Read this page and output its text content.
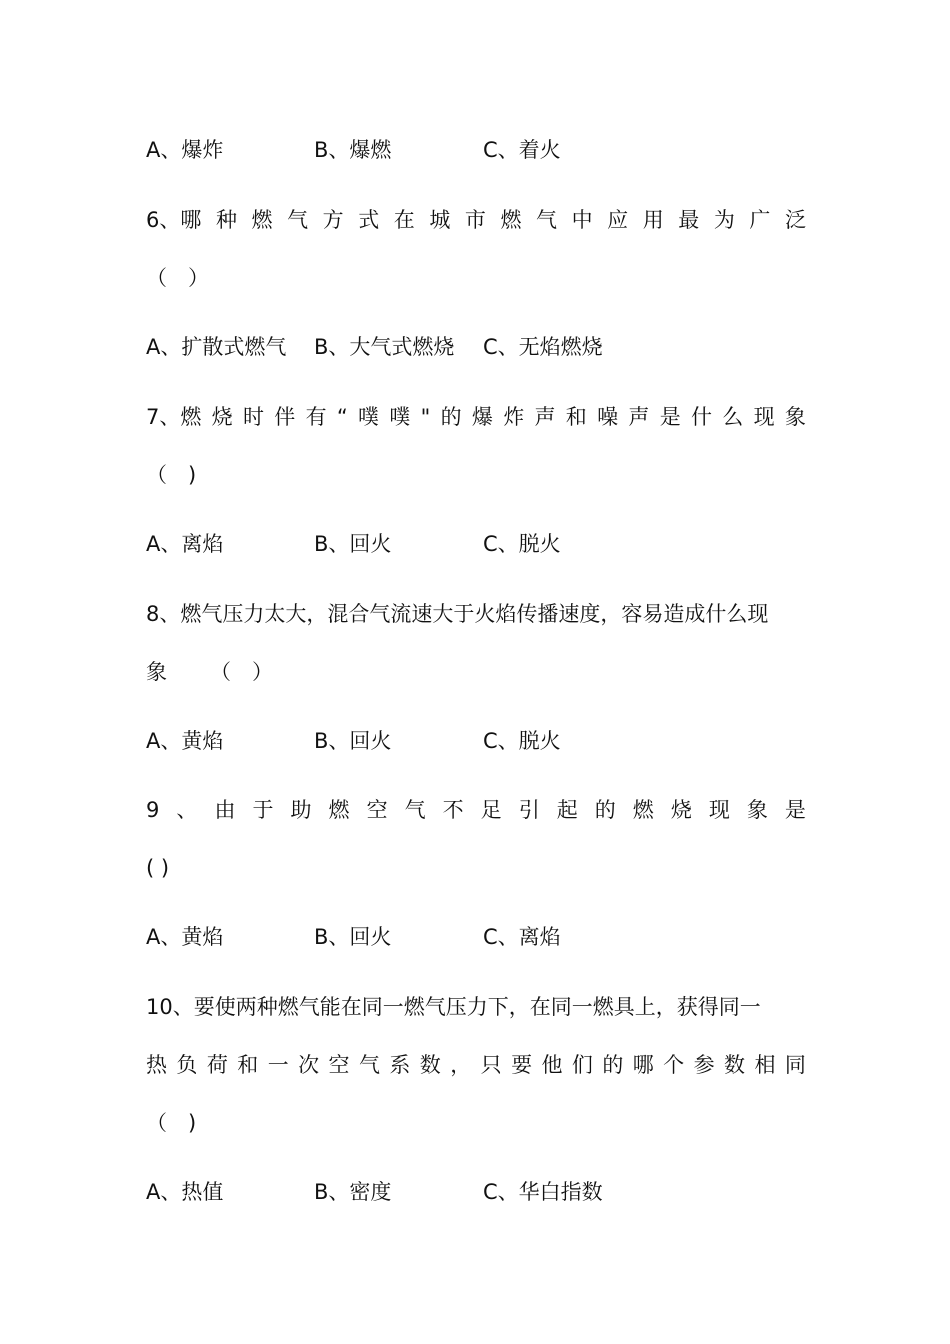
A、爆炸	B、爆燃	C、着火
6、哪 种 燃 气 方 式 在 城 市 燃 气 中 应 用 最 为 广 泛
（　）
A、扩散式燃气 B、大气式燃烧 C、无焰燃烧
7、燃 烧 时 伴 有 “ 噗 噗 " 的 爆 炸 声 和 噪 声 是 什 么 现 象
（　)
A、离焰	B、回火	C、脱火
8、燃气压力太大，混合气流速大于火焰传播速度，容易造成什么现
象 （　）
A、黄焰	B、回火	C、脱火
9 、 由 于 助 燃 空 气 不 足 引 起 的 燃 烧 现 象 是
( )
A、黄焰	B、回火	C、离焰
10、要使两种燃气能在同一燃气压力下，在同一燃具上，获得同一
热 负 荷 和 一 次 空 气 系 数 ， 只 要 他 们 的 哪 个 参 数 相 同
（　)
A、热值	B、密度	C、华白指数
